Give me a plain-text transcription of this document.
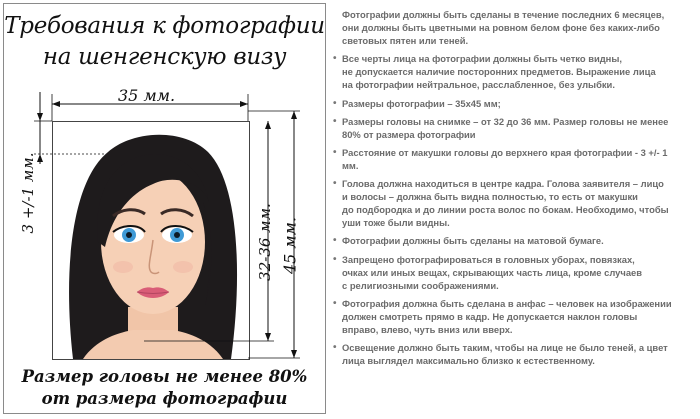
Требования к фотографии
на шенгенскую визу
35 мм.
3 +/-1 мм.
32-36 мм. 45 мм.
Размер головы не менее 80%
от размера фотографии
Фотографии должны быть сделаны в течение последних 6 месяцев,
они должны быть цветными на ровном белом фоне без каких-либо
световых пятен или теней.
• Все черты лица на фотографии должны быть четко видны,
не допускается наличие посторонних предметов. Выражение лица
на фотографии нейтральное, расслабленное, без улыбки.
• Размеры фотографии – 35х45 мм;
• Размеры головы на снимке – от 32 до 36 мм. Размер головы не менее
80% от размера фотографии
• Расстояние от макушки головы до верхнего края фотографии - 3 +/- 1
мм.
• Голова должна находиться в центре кадра. Голова заявителя – лицо
и волосы – должна быть видна полностью, то есть от макушки
до подбородка и до линии роста волос по бокам. Необходимо, чтобы
уши тоже были видны.
• Фотографии должны быть сделаны на матовой бумаге.
• Запрещено фотографироваться в головных уборах, повязках,
очках или иных вещах, скрывающих часть лица, кроме случаев
с религиозными соображениями.
• Фотография должна быть сделана в анфас – человек на изображении
должен смотреть прямо в кадр. Не допускается наклон головы
вправо, влево, чуть вниз или вверх.
• Освещение должно быть таким, чтобы на лице не было теней, а цвет
лица выглядел максимально близко к естественному.
